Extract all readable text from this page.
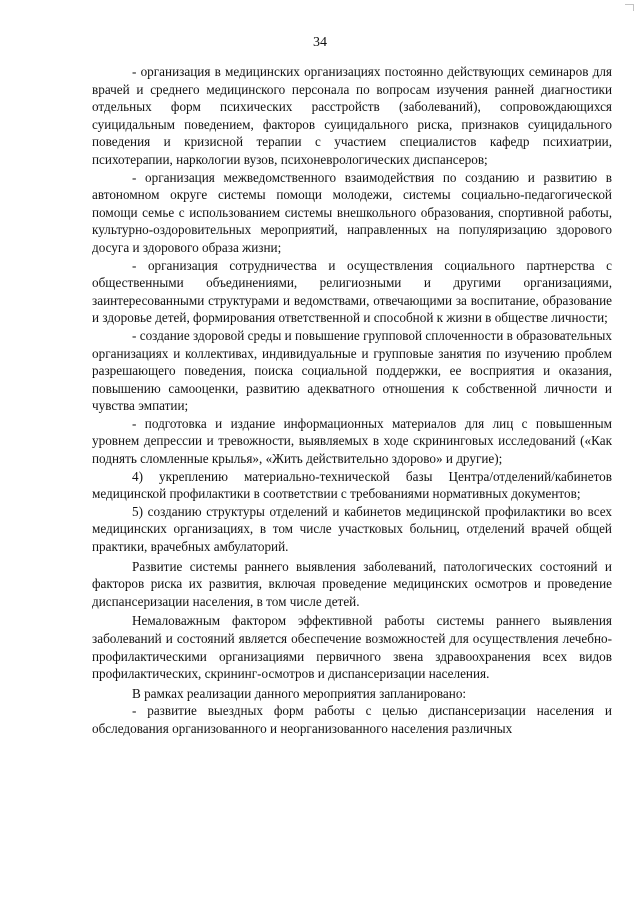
34

- организация в медицинских организациях постоянно действующих семинаров для врачей и среднего медицинского персонала по вопросам изучения ранней диагностики отдельных форм психических расстройств (заболеваний), сопровождающихся суицидальным поведением, факторов суицидального риска, признаков суицидального поведения и кризисной терапии с участием специалистов кафедр психиатрии, психотерапии, наркологии вузов, психоневрологических диспансеров;

- организация межведомственного взаимодействия по созданию и развитию в автономном округе системы помощи молодежи, системы социально-педагогической помощи семье с использованием системы внешкольного образования, спортивной работы, культурно-оздоровительных мероприятий, направленных на популяризацию здорового досуга и здорового образа жизни;

- организация сотрудничества и осуществления социального партнерства с общественными объединениями, религиозными и другими организациями, заинтересованными структурами и ведомствами, отвечающими за воспитание, образование и здоровье детей, формирования ответственной и способной к жизни в обществе личности;

- создание здоровой среды и повышение групповой сплоченности в образовательных организациях и коллективах, индивидуальные и групповые занятия по изучению проблем разрешающего поведения, поиска социальной поддержки, ее восприятия и оказания, повышению самооценки, развитию адекватного отношения к собственной личности и чувства эмпатии;

- подготовка и издание информационных материалов для лиц с повышенным уровнем депрессии и тревожности, выявляемых в ходе скрининговых исследований («Как поднять сломленные крылья», «Жить действительно здорово» и другие);

4) укреплению материально-технической базы Центра/отделений/кабинетов медицинской профилактики в соответствии с требованиями нормативных документов;

5) созданию структуры отделений и кабинетов медицинской профилактики во всех медицинских организациях, в том числе участковых больниц, отделений врачей общей практики, врачебных амбулаторий.

Развитие системы раннего выявления заболеваний, патологических состояний и факторов риска их развития, включая проведение медицинских осмотров и проведение диспансеризации населения, в том числе детей.

Немаловажным фактором эффективной работы системы раннего выявления заболеваний и состояний является обеспечение возможностей для осуществления лечебно-профилактическими организациями первичного звена здравоохранения всех видов профилактических, скрининг-осмотров и диспансеризации населения.

В рамках реализации данного мероприятия запланировано:

- развитие выездных форм работы с целью диспансеризации населения и обследования организованного и неорганизованного населения различных
